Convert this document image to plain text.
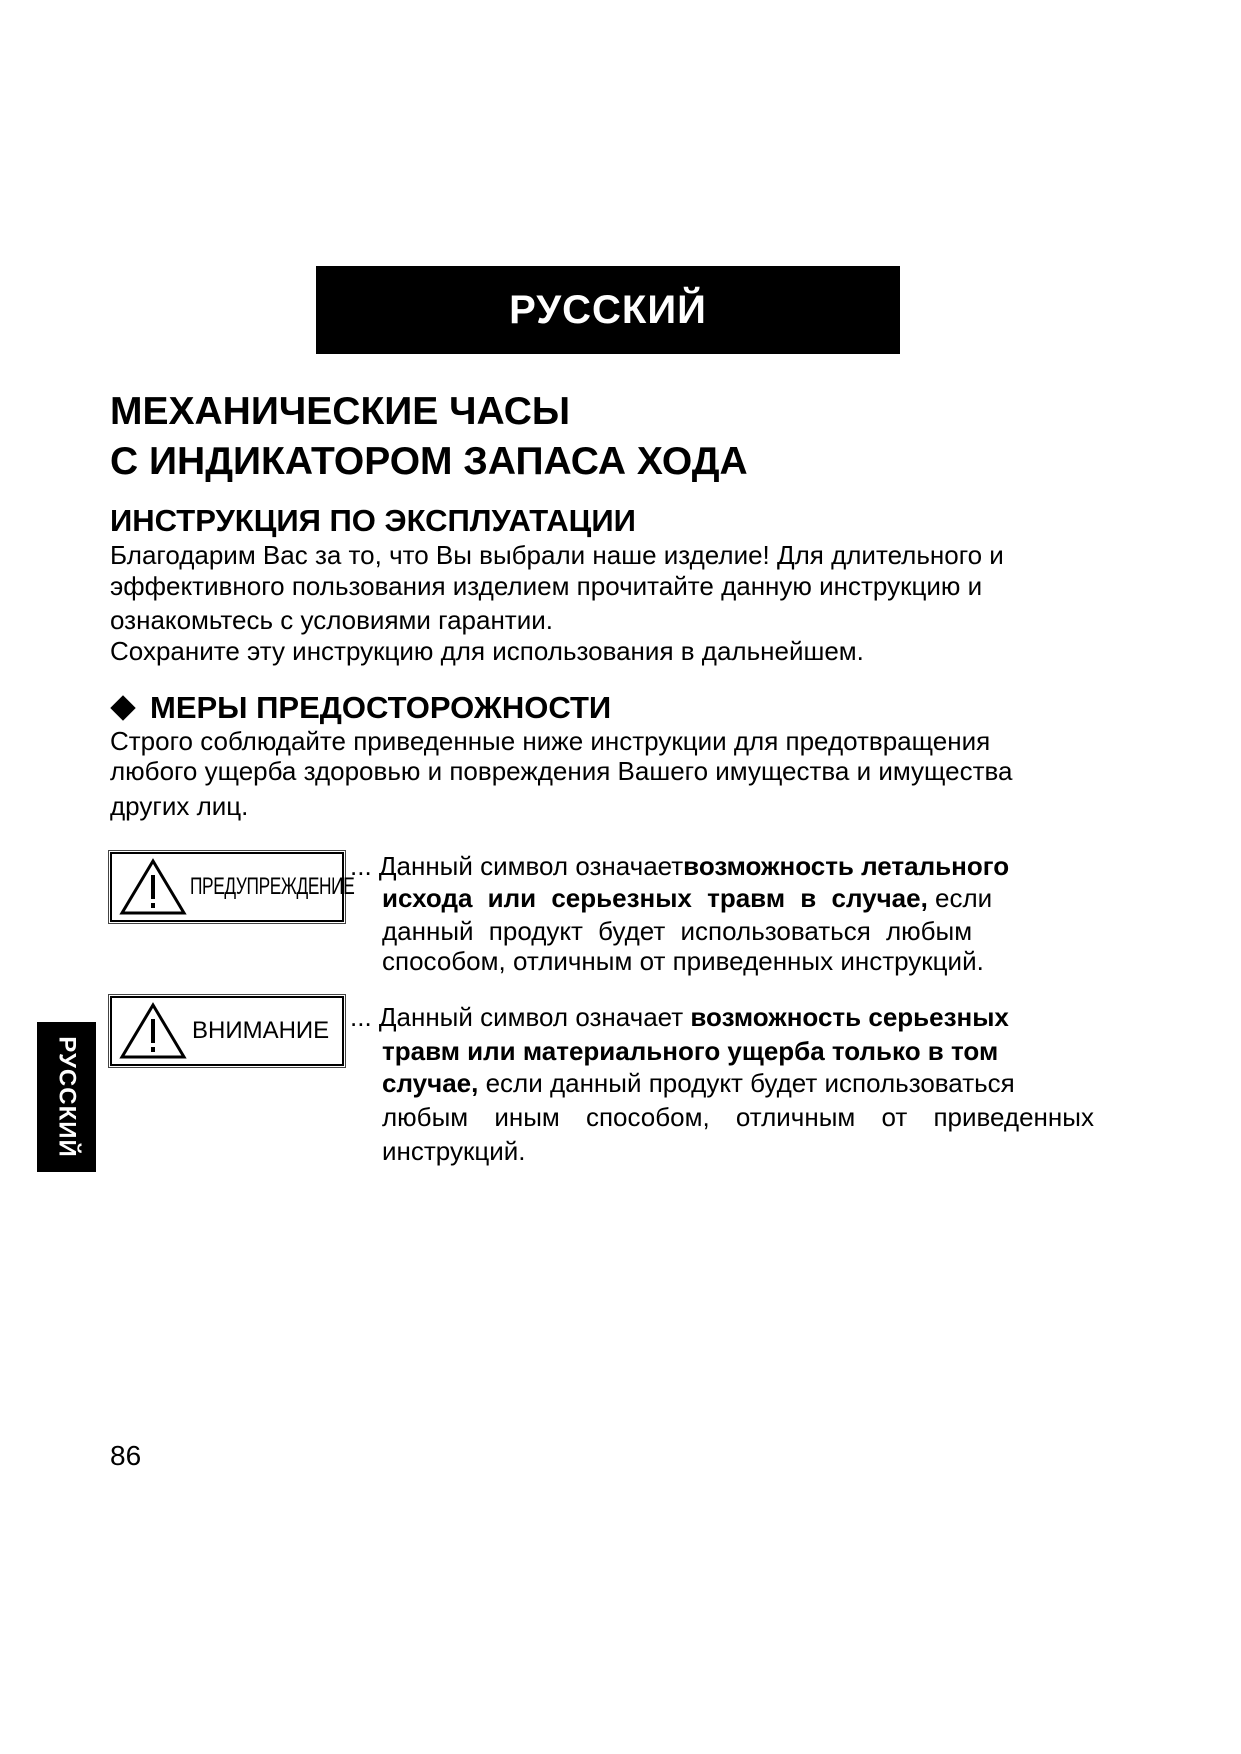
РУССКИЙ
МЕХАНИЧЕСКИЕ ЧАСЫ
С ИНДИКАТОРОМ ЗАПАСА ХОДА
ИНСТРУКЦИЯ ПО ЭКСПЛУАТАЦИИ
Благодарим Вас за то, что Вы выбрали наше изделие! Для длительного и
эффективного пользования изделием прочитайте данную инструкцию и
ознакомьтесь с условиями гарантии.
Сохраните эту инструкцию для использования в дальнейшем.
МЕРЫ ПРЕДОСТОРОЖНОСТИ
Строго соблюдайте приведенные ниже инструкции для предотвращения
любого ущерба здоровью и повреждения Вашего имущества и имущества
других лиц.
ПРЕДУПРЕЖДЕНИЕ
... Данный символ означаетвозможность летального
исхода или серьезных травм в случае, если
данный продукт будет использоваться любым
способом, отличным от приведенных инструкций.
ВНИМАНИЕ ... Данный символ означает возможность серьезных
травм или материального ущерба только в том
случае, если данный продукт будет использоваться
любым иным способом, отличным от приведенных
инструкций.
РУССКИЙ
86
